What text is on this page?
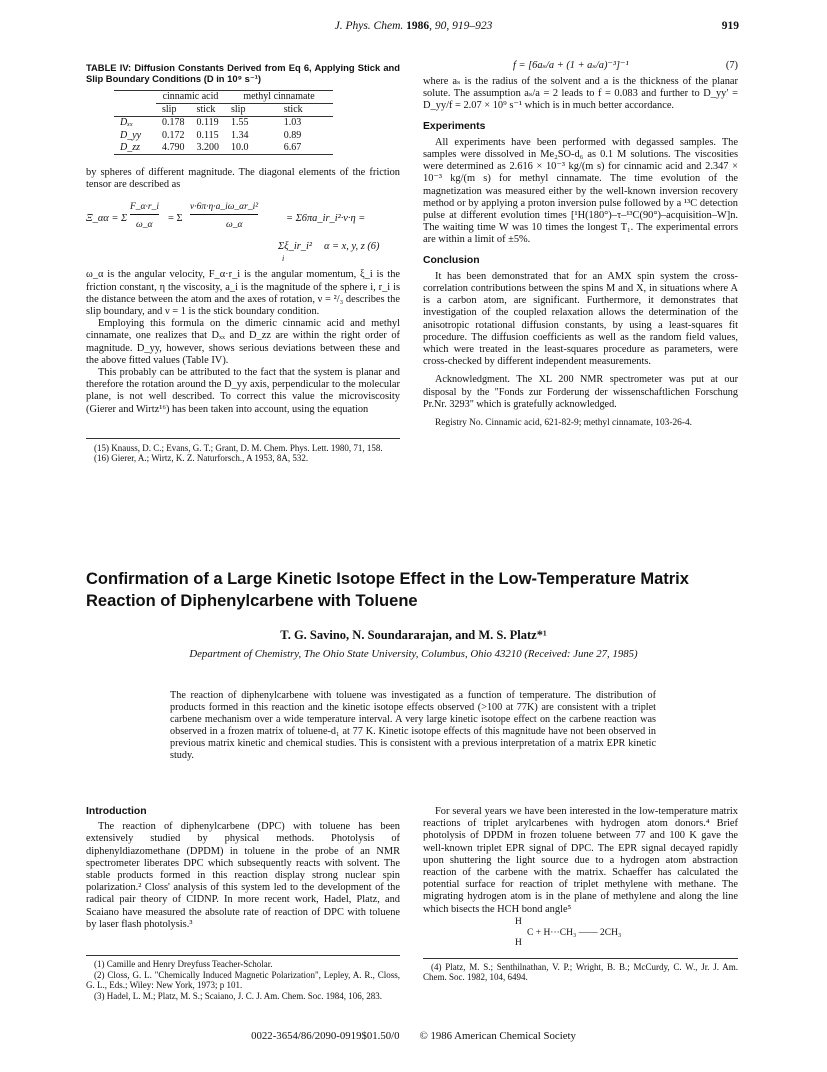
J. Phys. Chem. 1986, 90, 919–923	919
TABLE IV: Diffusion Constants Derived from Eq 6, Applying Stick and Slip Boundary Conditions (D in 10⁹ s⁻¹)
	cinnamic acid		methyl cinnamate	
	slip	stick	slip	stick
Dₓₓ	0.178	0.119	1.55	1.03
D_yy	0.172	0.115	1.34	0.89
D_zz	4.790	3.200	10.0	6.67

by spheres of different magnitude. The diagonal elements of the friction tensor are described as

Ξ_αα = Σ
F_α·r_i
ω_α
= Σ
ν·6π·η·a_iω_αr_i²
ω_α
= Σ6πa_ir_i²·ν·η =
Σξ_ir_i² α = x, y, z (6)
i

ω_α is the angular velocity, F_α·r_i is the angular momentum, ξ_i is the friction constant, η the viscosity, a_i is the magnitude of the sphere i, r_i is the distance between the atom and the axes of rotation, ν = ²/₃ describes the slip boundary, and ν = 1 is the stick boundary condition.

Employing this formula on the dimeric cinnamic acid and methyl cinnamate, one realizes that Dₓₓ and D_zz are within the right order of magnitude. D_yy, however, shows serious deviations between these and the above fitted values (Table IV).

This probably can be attributed to the fact that the system is planar and therefore the rotation around the D_yy axis, perpendicular to the molecular plane, is not well described. To correct this value the microviscosity (Gierer and Wirtz¹⁶) has been taken into account, using the equation

(15) Knauss, D. C.; Evans, G. T.; Grant, D. M. Chem. Phys. Lett. 1980, 71, 158.

(16) Gierer, A.; Wirtz, K. Z. Naturforsch., A 1953, 8A, 532.

f = [6aₛ/a + (1 + aₛ/a)⁻³]⁻¹	(7)

where aₛ is the radius of the solvent and a is the thickness of the planar solute. The assumption aₛ/a = 2 leads to f = 0.083 and further to D_yy′ = D_yy/f = 2.07 × 10⁹ s⁻¹ which is in much better accordance.

Experiments

All experiments have been performed with degassed samples. The samples were dissolved in Me₂SO-d₆ as 0.1 M solutions. The viscosities were determined as 2.616 × 10⁻³ kg/(m s) for cinnamic acid and 2.347 × 10⁻³ kg/(m s) for methyl cinnamate. The time evolution of the magnetization was measured either by the well-known inversion recovery method or by applying a proton inversion pulse followed by a ¹³C detection pulse at different evolution times [¹H(180°)–τ–¹³C(90°)–acquisition–W]n. The waiting time W was 10 times the longest T₁. The experimental errors are within a limit of ±5%.

Conclusion

It has been demonstrated that for an AMX spin system the cross-correlation contributions between the spins M and X, in situations where A is a carbon atom, are significant. Furthermore, it demonstrates that investigation of the coupled relaxation allows the determination of the anisotropic rotational diffusion constants, by using a least-squares fit procedure. The diffusion coefficients as well as the random field values, which were treated in the least-squares procedure as parameters, were cross-checked by different independent measurements.

Acknowledgment. The XL 200 NMR spectrometer was put at our disposal by the "Fonds zur Forderung der wissenschaftlichen Forschung Pr.Nr. 3293" which is gratefully acknowledged.

Registry No. Cinnamic acid, 621-82-9; methyl cinnamate, 103-26-4.

Confirmation of a Large Kinetic Isotope Effect in the Low-Temperature Matrix Reaction of Diphenylcarbene with Toluene
T. G. Savino, N. Soundararajan, and M. S. Platz*¹
Department of Chemistry, The Ohio State University, Columbus, Ohio 43210 (Received: June 27, 1985)
The reaction of diphenylcarbene with toluene was investigated as a function of temperature. The distribution of products formed in this reaction and the kinetic isotope effects observed (>100 at 77K) are consistent with a triplet carbene mechanism over a wide temperature interval. A very large kinetic isotope effect on the carbene reaction was observed in a frozen matrix of toluene-d₁ at 77 K. Kinetic isotope effects of this magnitude have not been observed in previous matrix kinetic and chemical studies. This is consistent with a previous interpretation of a matrix EPR kinetic study.
Introduction

The reaction of diphenylcarbene (DPC) with toluene has been extensively studied by physical methods. Photolysis of diphenyldiazomethane (DPDM) in toluene in the probe of an NMR spectrometer liberates DPC which subsequently reacts with solvent. The stable products formed in this reaction display strong nuclear spin polarization.² Closs' analysis of this system led to the development of the radical pair theory of CIDNP. In more recent work, Hadel, Platz, and Scaiano have measured the absolute rate of reaction of DPC with toluene by laser flash photolysis.³

(1) Camille and Henry Dreyfuss Teacher-Scholar.

(2) Closs, G. L. "Chemically Induced Magnetic Polarization", Lepley, A. R., Closs, G. L., Eds.; Wiley: New York, 1973; p 101.

(3) Hadel, L. M.; Platz, M. S.; Scaiano, J. C. J. Am. Chem. Soc. 1984, 106, 283.

For several years we have been interested in the low-temperature matrix reactions of triplet arylcarbenes with hydrogen atom donors.⁴ Brief photolysis of DPDM in frozen toluene between 77 and 100 K gave the well-known triplet EPR signal of DPC. The EPR signal decayed rapidly upon shuttering the light source due to a hydrogen atom abstraction reaction of the carbene with the matrix. Schaeffer has calculated the potential surface for reaction of triplet methylene with methane. The migrating hydrogen atom is in the plane of methylene and along the line which bisects the HCH bond angle⁵

H
C + H···CH₃ —— 2CH₃
H

(4) Platz, M. S.; Senthilnathan, V. P.; Wright, B. B.; McCurdy, C. W., Jr. J. Am. Chem. Soc. 1982, 104, 6494.

0022-3654/86/2090-0919$01.50/0 © 1986 American Chemical Society
